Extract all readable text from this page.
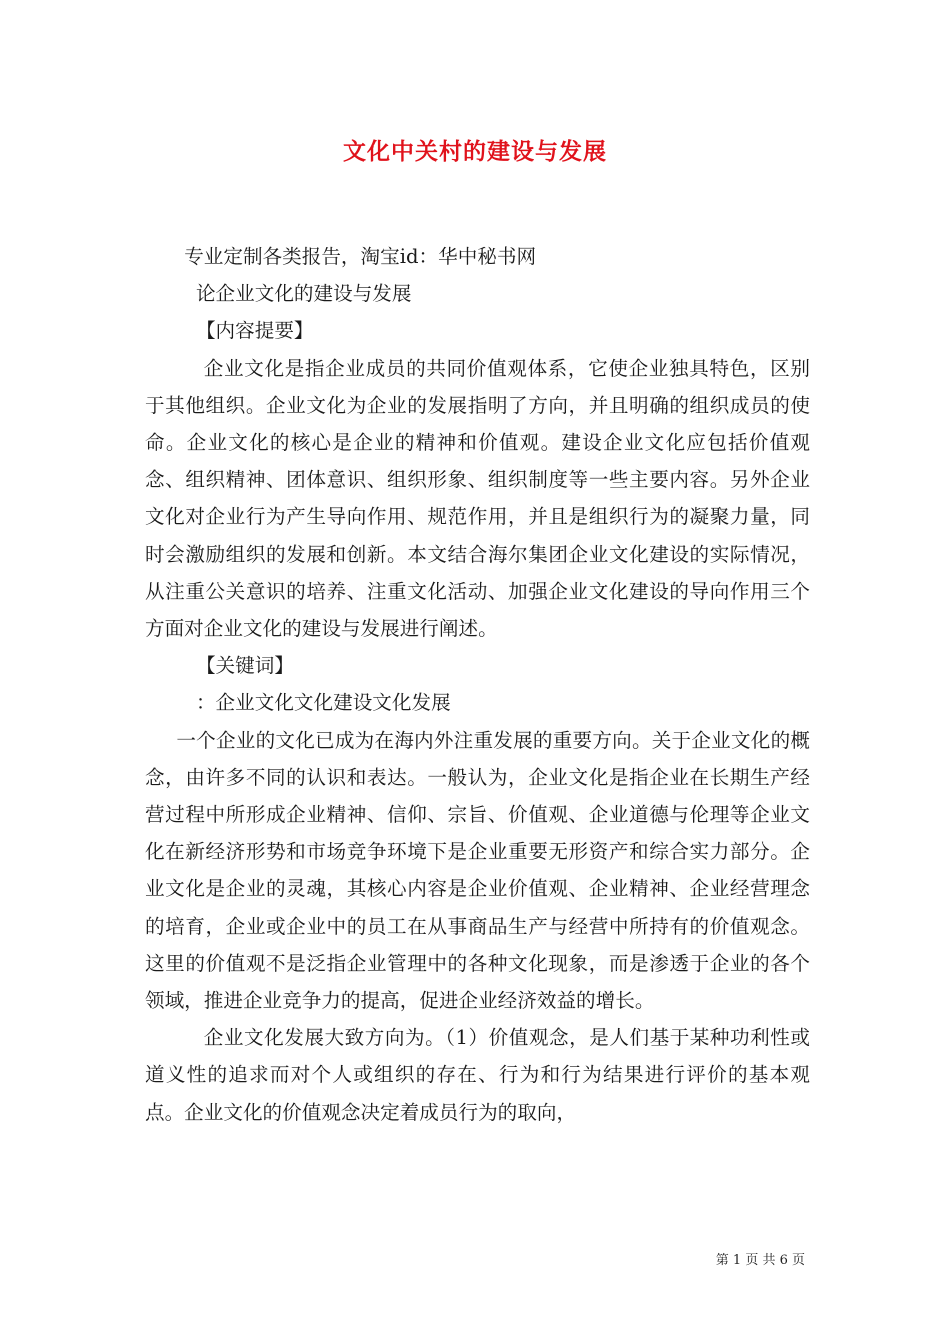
文化中关村的建设与发展

专业定制各类报告，淘宝id：华中秘书网

论企业文化的建设与发展

【内容提要】

企业文化是指企业成员的共同价值观体系，它使企业独具特色，区别于其他组织。企业文化为企业的发展指明了方向，并且明确的组织成员的使命。企业文化的核心是企业的精神和价值观。建设企业文化应包括价值观念、组织精神、团体意识、组织形象、组织制度等一些主要内容。另外企业文化对企业行为产生导向作用、规范作用，并且是组织行为的凝聚力量，同时会激励组织的发展和创新。本文结合海尔集团企业文化建设的实际情况，从注重公关意识的培养、注重文化活动、加强企业文化建设的导向作用三个方面对企业文化的建设与发展进行阐述。

【关键词】

：企业文化文化建设文化发展

一个企业的文化已成为在海内外注重发展的重要方向。关于企业文化的概念，由许多不同的认识和表达。一般认为，企业文化是指企业在长期生产经营过程中所形成企业精神、信仰、宗旨、价值观、企业道德与伦理等企业文化在新经济形势和市场竞争环境下是企业重要无形资产和综合实力部分。企业文化是企业的灵魂，其核心内容是企业价值观、企业精神、企业经营理念的培育，企业或企业中的员工在从事商品生产与经营中所持有的价值观念。这里的价值观不是泛指企业管理中的各种文化现象，而是渗透于企业的各个领域，推进企业竞争力的提高，促进企业经济效益的增长。

企业文化发展大致方向为。（1）价值观念，是人们基于某种功利性或道义性的追求而对个人或组织的存在、行为和行为结果进行评价的基本观点。企业文化的价值观念决定着成员行为的取向，

第 1 页 共 6 页
